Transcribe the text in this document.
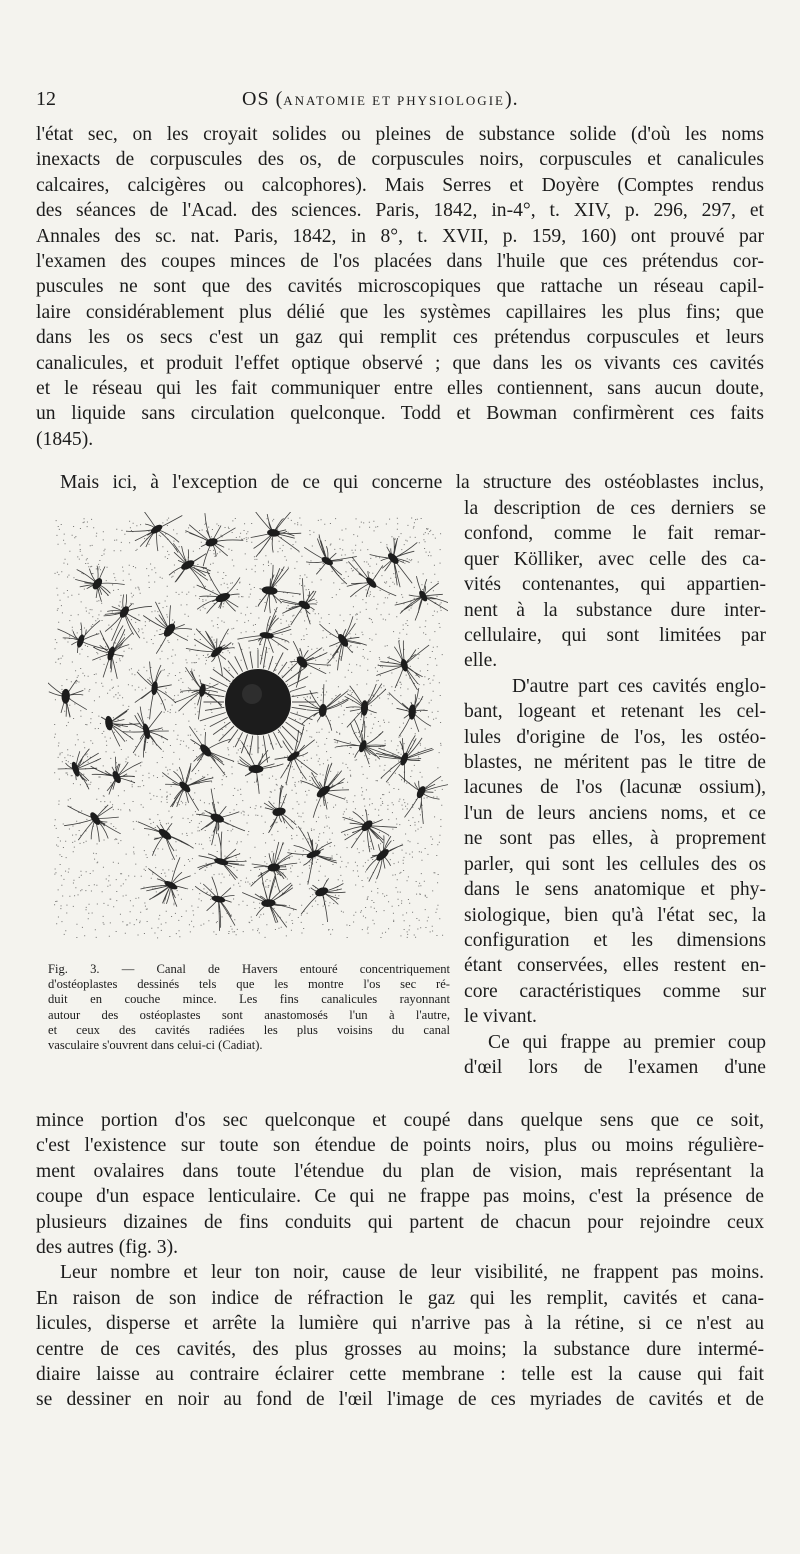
12	OS (ANATOMIE ET PHYSIOLOGIE).
l'état sec, on les croyait solides ou pleines de substance solide (d'où les noms
inexacts de corpuscules des os, de corpuscules noirs, corpuscules et canalicules
calcaires, calcigères ou calcophores). Mais Serres et Doyère (Comptes rendus
des séances de l'Acad. des sciences. Paris, 1842, in-4°, t. XIV, p. 296, 297, et
Annales des sc. nat. Paris, 1842, in 8°, t. XVII, p. 159, 160) ont prouvé par
l'examen des coupes minces de l'os placées dans l'huile que ces prétendus cor-
puscules ne sont que des cavités microscopiques que rattache un réseau capil-
laire considérablement plus délié que les systèmes capillaires les plus fins; que
dans les os secs c'est un gaz qui remplit ces prétendus corpuscules et leurs
canalicules, et produit l'effet optique observé ; que dans les os vivants ces cavités
et le réseau qui les fait communiquer entre elles contiennent, sans aucun doute,
un liquide sans circulation quelconque. Todd et Bowman confirmèrent ces faits
(1845).
Mais ici, à l'exception de ce qui concerne la structure des ostéoblastes inclus,
Fig. 3. — Canal de Havers entouré concentriquement
d'ostéoplastes dessinés tels que les montre l'os sec ré-
duit en couche mince. Les fins canalicules rayonnant
autour des ostéoplastes sont anastomosés l'un à l'autre,
et ceux des cavités radiées les plus voisins du canal
vasculaire s'ouvrent dans celui-ci (Cadiat).
la description de ces derniers se
confond, comme le fait remar-
quer Kölliker, avec celle des ca-
vités contenantes, qui appartien-
nent à la substance dure inter-
cellulaire, qui sont limitées par
elle.
D'autre part ces cavités englo-
bant, logeant et retenant les cel-
lules d'origine de l'os, les ostéo-
blastes, ne méritent pas le titre de
lacunes de l'os (lacunæ ossium),
l'un de leurs anciens noms, et ce
ne sont pas elles, à proprement
parler, qui sont les cellules des os
dans le sens anatomique et phy-
siologique, bien qu'à l'état sec, la
configuration et les dimensions
étant conservées, elles restent en-
core caractéristiques comme sur
le vivant.
Ce qui frappe au premier coup
d'œil lors de l'examen d'une
mince portion d'os sec quelconque et coupé dans quelque sens que ce soit,
c'est l'existence sur toute son étendue de points noirs, plus ou moins régulière-
ment ovalaires dans toute l'étendue du plan de vision, mais représentant la
coupe d'un espace lenticulaire. Ce qui ne frappe pas moins, c'est la présence de
plusieurs dizaines de fins conduits qui partent de chacun pour rejoindre ceux
des autres (fig. 3).
Leur nombre et leur ton noir, cause de leur visibilité, ne frappent pas moins.
En raison de son indice de réfraction le gaz qui les remplit, cavités et cana-
licules, disperse et arrête la lumière qui n'arrive pas à la rétine, si ce n'est au
centre de ces cavités, des plus grosses au moins; la substance dure intermé-
diaire laisse au contraire éclairer cette membrane : telle est la cause qui fait
se dessiner en noir au fond de l'œil l'image de ces myriades de cavités et de
